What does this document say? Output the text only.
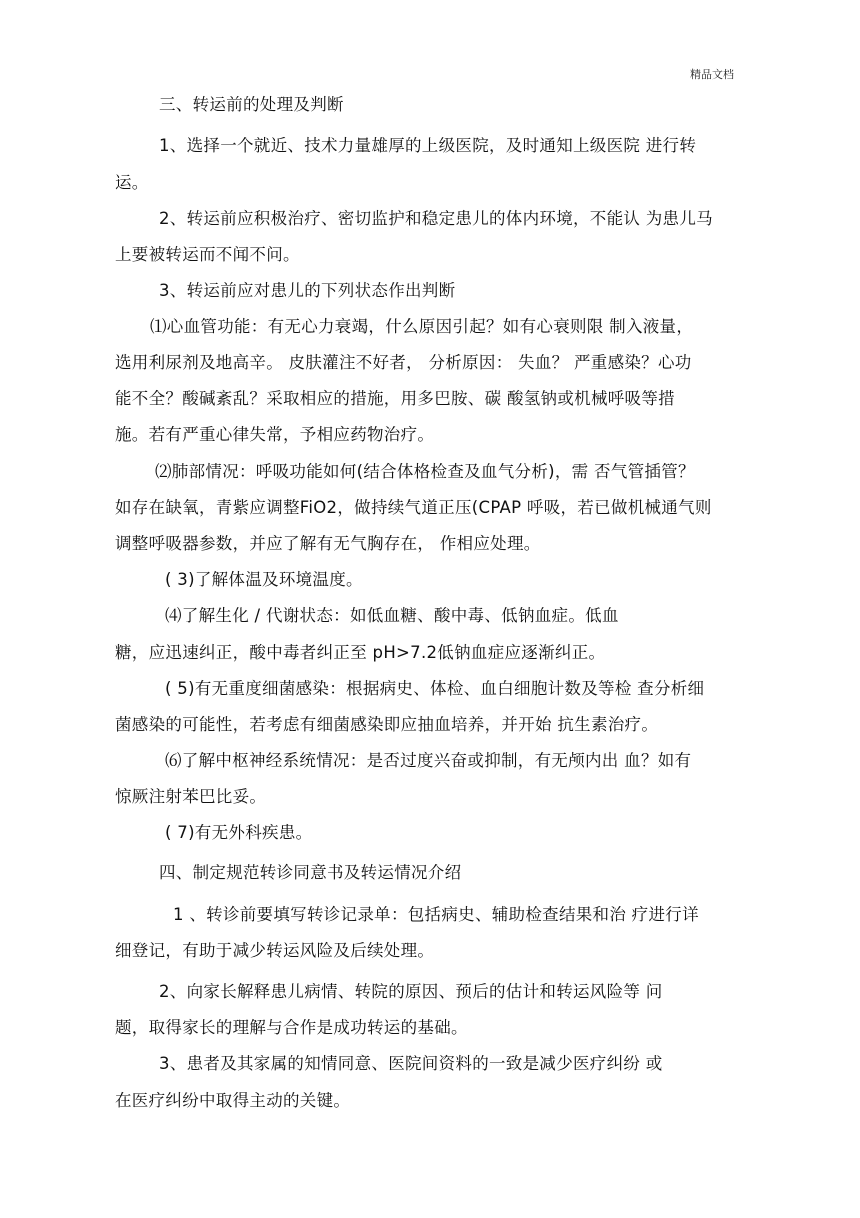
精品文档
三、转运前的处理及判断
1、选择一个就近、技术力量雄厚的上级医院，及时通知上级医院 进行转
运。
2、转运前应积极治疗、密切监护和稳定患儿的体内环境，不能认 为患儿马
上要被转运而不闻不问。
3、转运前应对患儿的下列状态作出判断
⑴心血管功能：有无心力衰竭，什么原因引起？如有心衰则限 制入液量，
选用利尿剂及地高辛。 皮肤灌注不好者， 分析原因： 失血？ 严重感染？心功
能不全？酸碱紊乱？采取相应的措施，用多巴胺、碳 酸氢钠或机械呼吸等措
施。若有严重心律失常，予相应药物治疗。
⑵肺部情况：呼吸功能如何(结合体格检查及血气分析)，需 否气管插管？
如存在缺氧，青紫应调整FiO2，做持续气道正压(CPAP 呼吸，若已做机械通气则
调整呼吸器参数，并应了解有无气胸存在， 作相应处理。
( 3)了解体温及环境温度。
⑷了解生化 / 代谢状态：如低血糖、酸中毒、低钠血症。低血
糖，应迅速纠正，酸中毒者纠正至 pH>7.2低钠血症应逐渐纠正。
( 5)有无重度细菌感染：根据病史、体检、血白细胞计数及等检 查分析细
菌感染的可能性，若考虑有细菌感染即应抽血培养，并开始 抗生素治疗。
⑹了解中枢神经系统情况：是否过度兴奋或抑制，有无颅内出 血？如有
惊厥注射苯巴比妥。
( 7)有无外科疾患。
四、制定规范转诊同意书及转运情况介绍
1 、转诊前要填写转诊记录单：包括病史、辅助检查结果和治 疗进行详
细登记，有助于减少转运风险及后续处理。
2、向家长解释患儿病情、转院的原因、预后的估计和转运风险等 问
题，取得家长的理解与合作是成功转运的基础。
3、患者及其家属的知情同意、医院间资料的一致是减少医疗纠纷 或
在医疗纠纷中取得主动的关键。
